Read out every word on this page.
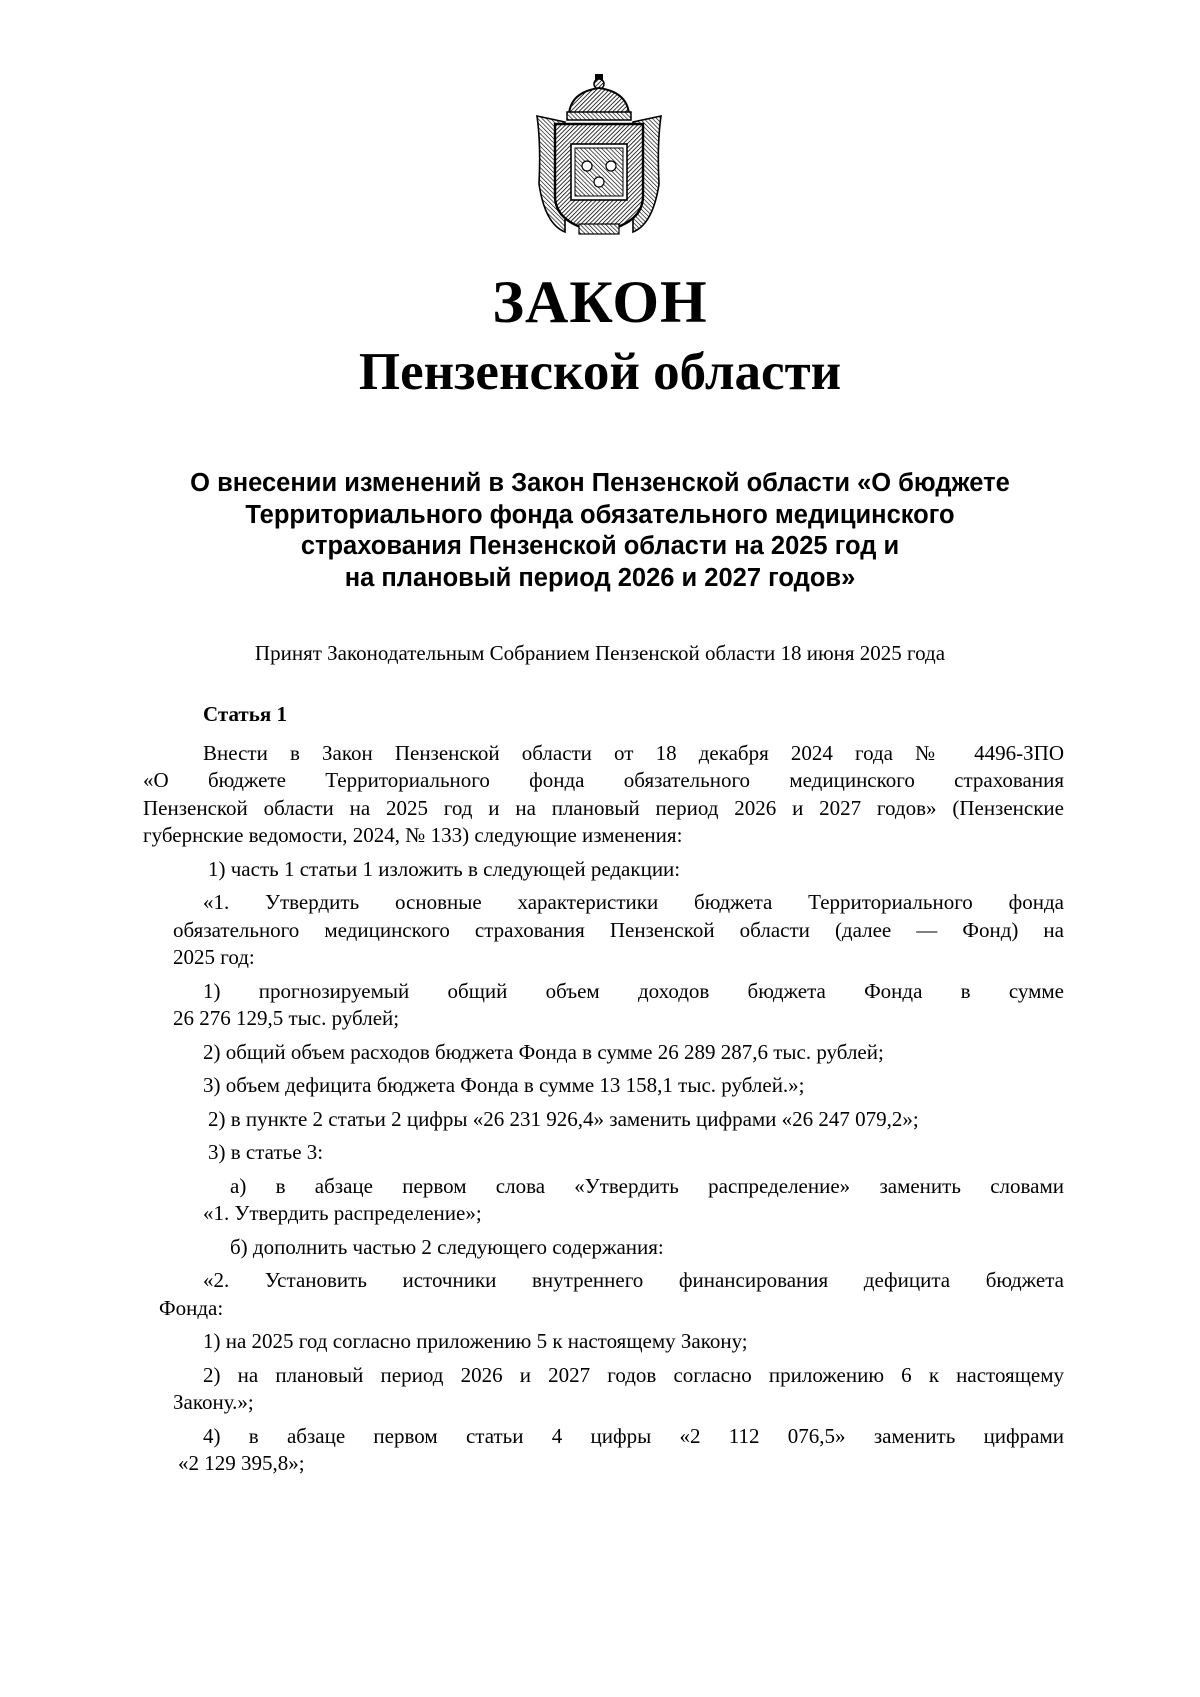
ЗАКОН
Пензенской области
О внесении изменений в Закон Пензенской области «О бюджете
Территориального фонда обязательного медицинского
страхования Пензенской области на 2025 год и
на плановый период 2026 и 2027 годов»
Принят Законодательным Собранием Пензенской области 18 июня 2025 года

Статья 1

Внести в Закон Пензенской области от 18 декабря 2024 года № 4496-ЗПО

«О бюджете Территориального фонда обязательного медицинского страхования

Пензенской области на 2025 год и на плановый период 2026 и 2027 годов» (Пензенские

губернские ведомости, 2024, № 133) следующие изменения:

1) часть 1 статьи 1 изложить в следующей редакции:

«1. Утвердить основные характеристики бюджета Территориального фонда

обязательного медицинского страхования Пензенской области (далее — Фонд) на

2025 год:

1) прогнозируемый общий объем доходов бюджета Фонда в сумме

26 276 129,5 тыс. рублей;

2) общий объем расходов бюджета Фонда в сумме 26 289 287,6 тыс. рублей;

3) объем дефицита бюджета Фонда в сумме 13 158,1 тыс. рублей.»;

2) в пункте 2 статьи 2 цифры «26 231 926,4» заменить цифрами «26 247 079,2»;

3) в статье 3:

а) в абзаце первом слова «Утвердить распределение» заменить словами

«1. Утвердить распределение»;

б) дополнить частью 2 следующего содержания:

«2. Установить источники внутреннего финансирования дефицита бюджета

Фонда:

1) на 2025 год согласно приложению 5 к настоящему Закону;

2) на плановый период 2026 и 2027 годов согласно приложению 6 к настоящему

Закону.»;

4) в абзаце первом статьи 4 цифры «2 112 076,5» заменить цифрами

«2 129 395,8»;
